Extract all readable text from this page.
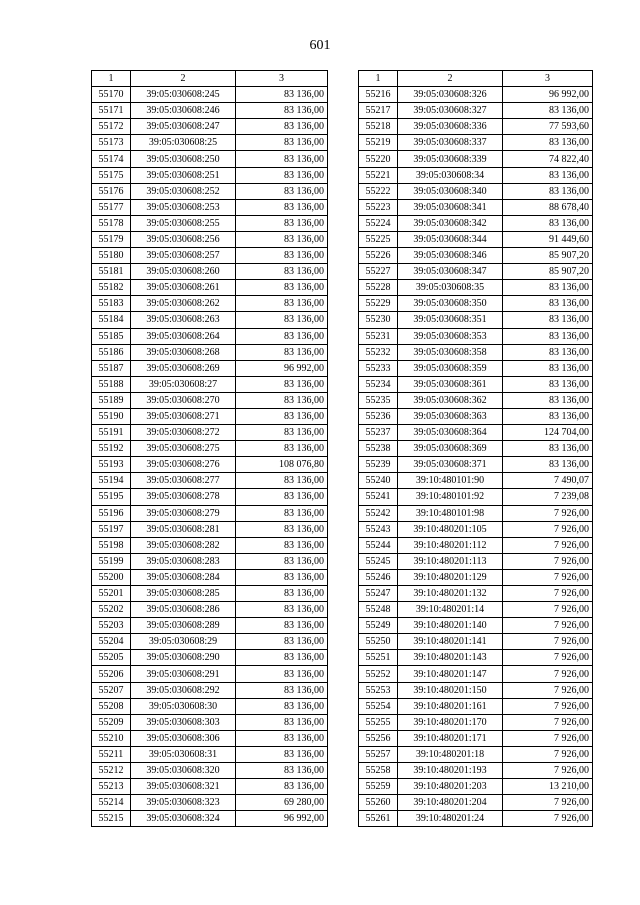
601
1	2	3
55170	39:05:030608:245	83 136,00
55171	39:05:030608:246	83 136,00
55172	39:05:030608:247	83 136,00
55173	39:05:030608:25	83 136,00
55174	39:05:030608:250	83 136,00
55175	39:05:030608:251	83 136,00
55176	39:05:030608:252	83 136,00
55177	39:05:030608:253	83 136,00
55178	39:05:030608:255	83 136,00
55179	39:05:030608:256	83 136,00
55180	39:05:030608:257	83 136,00
55181	39:05:030608:260	83 136,00
55182	39:05:030608:261	83 136,00
55183	39:05:030608:262	83 136,00
55184	39:05:030608:263	83 136,00
55185	39:05:030608:264	83 136,00
55186	39:05:030608:268	83 136,00
55187	39:05:030608:269	96 992,00
55188	39:05:030608:27	83 136,00
55189	39:05:030608:270	83 136,00
55190	39:05:030608:271	83 136,00
55191	39:05:030608:272	83 136,00
55192	39:05:030608:275	83 136,00
55193	39:05:030608:276	108 076,80
55194	39:05:030608:277	83 136,00
55195	39:05:030608:278	83 136,00
55196	39:05:030608:279	83 136,00
55197	39:05:030608:281	83 136,00
55198	39:05:030608:282	83 136,00
55199	39:05:030608:283	83 136,00
55200	39:05:030608:284	83 136,00
55201	39:05:030608:285	83 136,00
55202	39:05:030608:286	83 136,00
55203	39:05:030608:289	83 136,00
55204	39:05:030608:29	83 136,00
55205	39:05:030608:290	83 136,00
55206	39:05:030608:291	83 136,00
55207	39:05:030608:292	83 136,00
55208	39:05:030608:30	83 136,00
55209	39:05:030608:303	83 136,00
55210	39:05:030608:306	83 136,00
55211	39:05:030608:31	83 136,00
55212	39:05:030608:320	83 136,00
55213	39:05:030608:321	83 136,00
55214	39:05:030608:323	69 280,00
55215	39:05:030608:324	96 992,00
1	2	3
55216	39:05:030608:326	96 992,00
55217	39:05:030608:327	83 136,00
55218	39:05:030608:336	77 593,60
55219	39:05:030608:337	83 136,00
55220	39:05:030608:339	74 822,40
55221	39:05:030608:34	83 136,00
55222	39:05:030608:340	83 136,00
55223	39:05:030608:341	88 678,40
55224	39:05:030608:342	83 136,00
55225	39:05:030608:344	91 449,60
55226	39:05:030608:346	85 907,20
55227	39:05:030608:347	85 907,20
55228	39:05:030608:35	83 136,00
55229	39:05:030608:350	83 136,00
55230	39:05:030608:351	83 136,00
55231	39:05:030608:353	83 136,00
55232	39:05:030608:358	83 136,00
55233	39:05:030608:359	83 136,00
55234	39:05:030608:361	83 136,00
55235	39:05:030608:362	83 136,00
55236	39:05:030608:363	83 136,00
55237	39:05:030608:364	124 704,00
55238	39:05:030608:369	83 136,00
55239	39:05:030608:371	83 136,00
55240	39:10:480101:90	7 490,07
55241	39:10:480101:92	7 239,08
55242	39:10:480101:98	7 926,00
55243	39:10:480201:105	7 926,00
55244	39:10:480201:112	7 926,00
55245	39:10:480201:113	7 926,00
55246	39:10:480201:129	7 926,00
55247	39:10:480201:132	7 926,00
55248	39:10:480201:14	7 926,00
55249	39:10:480201:140	7 926,00
55250	39:10:480201:141	7 926,00
55251	39:10:480201:143	7 926,00
55252	39:10:480201:147	7 926,00
55253	39:10:480201:150	7 926,00
55254	39:10:480201:161	7 926,00
55255	39:10:480201:170	7 926,00
55256	39:10:480201:171	7 926,00
55257	39:10:480201:18	7 926,00
55258	39:10:480201:193	7 926,00
55259	39:10:480201:203	13 210,00
55260	39:10:480201:204	7 926,00
55261	39:10:480201:24	7 926,00
